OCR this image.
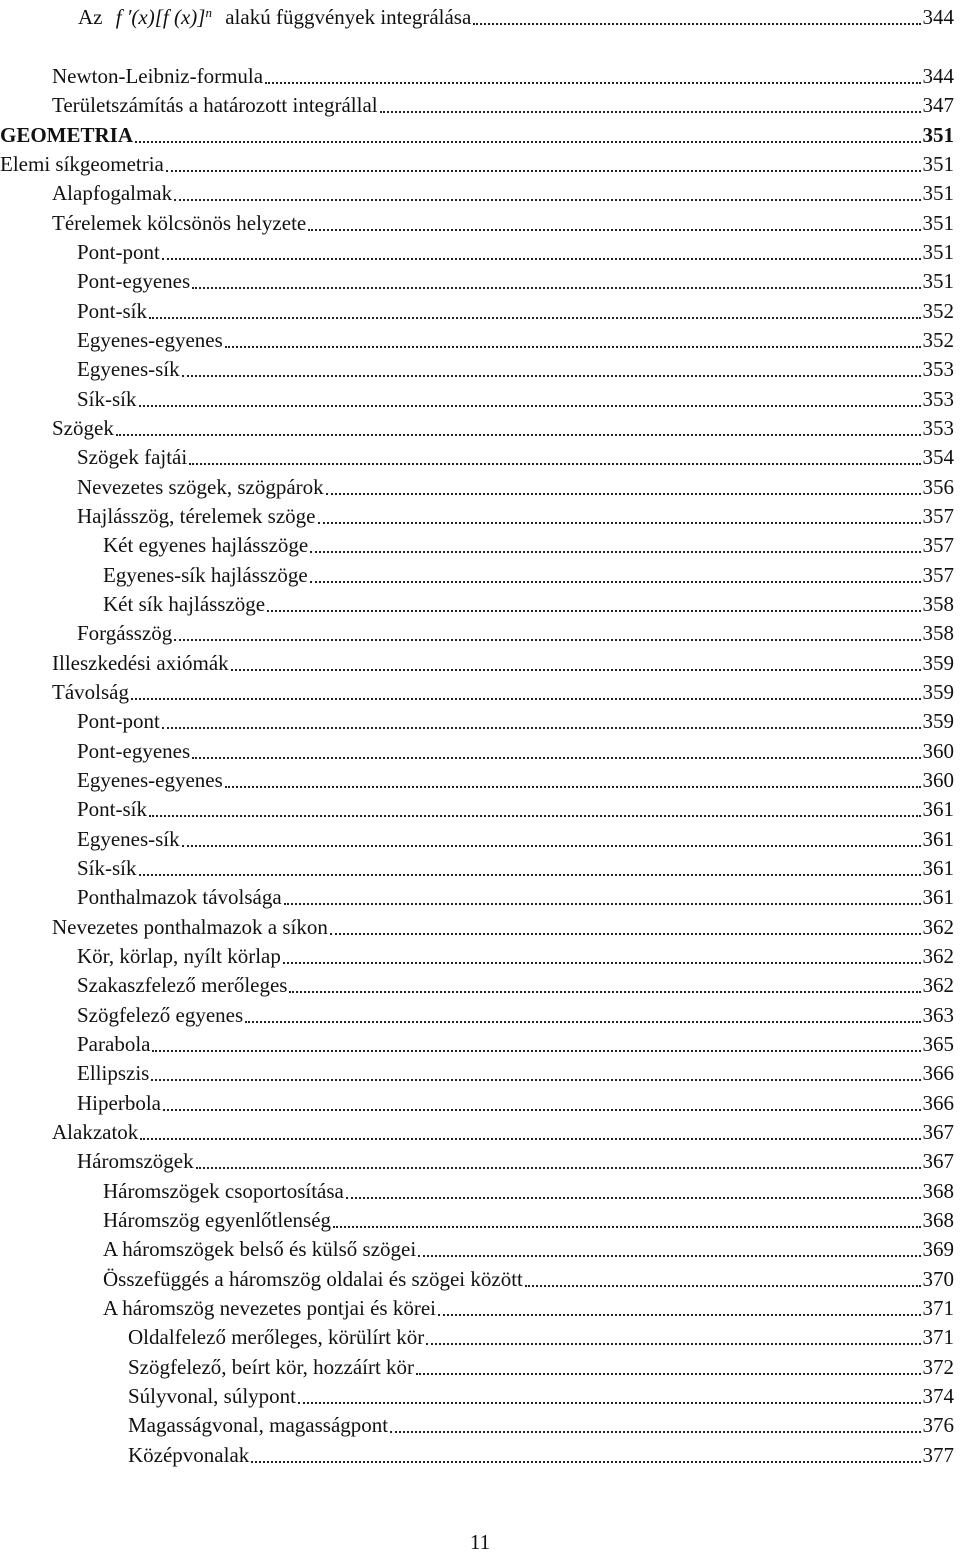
Az f ′(x)[f (x)]$^n$ alakú függvények integrálása	344
Newton-Leibniz-formula	344
Területszámítás a határozott integrállal	347
GEOMETRIA	351
Elemi síkgeometria	351
Alapfogalmak	351
Térelemek kölcsönös helyzete	351
Pont-pont	351
Pont-egyenes	351
Pont-sík	352
Egyenes-egyenes	352
Egyenes-sík	353
Sík-sík	353
Szögek	353
Szögek fajtái	354
Nevezetes szögek, szögpárok	356
Hajlásszög, térelemek szöge	357
Két egyenes hajlásszöge	357
Egyenes-sík hajlásszöge	357
Két sík hajlásszöge	358
Forgásszög	358
Illeszkedési axiómák	359
Távolság	359
Pont-pont	359
Pont-egyenes	360
Egyenes-egyenes	360
Pont-sík	361
Egyenes-sík	361
Sík-sík	361
Ponthalmazok távolsága	361
Nevezetes ponthalmazok a síkon	362
Kör, körlap, nyílt körlap	362
Szakaszfelező merőleges	362
Szögfelező egyenes	363
Parabola	365
Ellipszis	366
Hiperbola	366
Alakzatok	367
Háromszögek	367
Háromszögek csoportosítása	368
Háromszög egyenlőtlenség	368
A háromszögek belső és külső szögei	369
Összefüggés a háromszög oldalai és szögei között	370
A háromszög nevezetes pontjai és körei	371
Oldalfelező merőleges, körülírt kör	371
Szögfelező, beírt kör, hozzáírt kör	372
Súlyvonal, súlypont	374
Magasságvonal, magasságpont	376
Középvonalak	377
11
